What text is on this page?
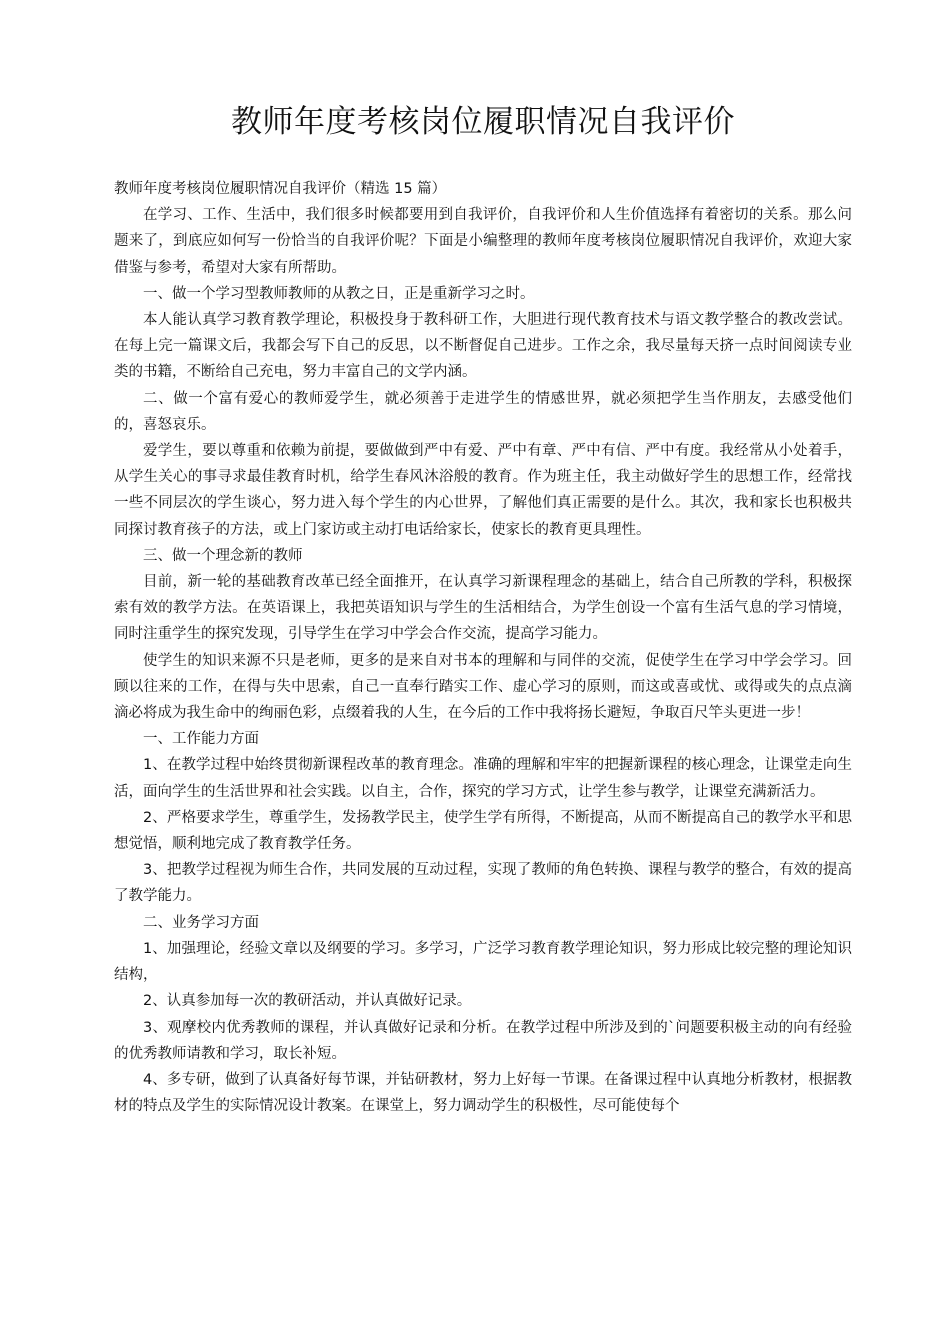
教师年度考核岗位履职情况自我评价
教师年度考核岗位履职情况自我评价（精选 15 篇）

在学习、工作、生活中，我们很多时候都要用到自我评价，自我评价和人生价值选择有着密切的关系。那么问题来了，到底应如何写一份恰当的自我评价呢？下面是小编整理的教师年度考核岗位履职情况自我评价，欢迎大家借鉴与参考，希望对大家有所帮助。

一、做一个学习型教师教师的从教之日，正是重新学习之时。

本人能认真学习教育教学理论，积极投身于教科研工作，大胆进行现代教育技术与语文教学整合的教改尝试。在每上完一篇课文后，我都会写下自己的反思，以不断督促自己进步。工作之余，我尽量每天挤一点时间阅读专业类的书籍，不断给自己充电，努力丰富自己的文学内涵。

二、做一个富有爱心的教师爱学生，就必须善于走进学生的情感世界，就必须把学生当作朋友，去感受他们的，喜怒哀乐。

爱学生，要以尊重和依赖为前提，要做做到严中有爱、严中有章、严中有信、严中有度。我经常从小处着手，从学生关心的事寻求最佳教育时机，给学生春风沐浴般的教育。作为班主任，我主动做好学生的思想工作，经常找一些不同层次的学生谈心，努力进入每个学生的内心世界，了解他们真正需要的是什么。其次，我和家长也积极共同探讨教育孩子的方法，或上门家访或主动打电话给家长，使家长的教育更具理性。

三、做一个理念新的教师

目前，新一轮的基础教育改革已经全面推开，在认真学习新课程理念的基础上，结合自己所教的学科，积极探索有效的教学方法。在英语课上，我把英语知识与学生的生活相结合，为学生创设一个富有生活气息的学习情境，同时注重学生的探究发现，引导学生在学习中学会合作交流，提高学习能力。

使学生的知识来源不只是老师，更多的是来自对书本的理解和与同伴的交流，促使学生在学习中学会学习。回顾以往来的工作，在得与失中思索，自己一直奉行踏实工作、虚心学习的原则，而这或喜或忧、或得或失的点点滴滴必将成为我生命中的绚丽色彩，点缀着我的人生，在今后的工作中我将扬长避短，争取百尺竿头更进一步！

一、工作能力方面

1、在教学过程中始终贯彻新课程改革的教育理念。准确的理解和牢牢的把握新课程的核心理念，让课堂走向生活，面向学生的生活世界和社会实践。以自主，合作，探究的学习方式，让学生参与教学，让课堂充满新活力。

2、严格要求学生，尊重学生，发扬教学民主，使学生学有所得，不断提高，从而不断提高自己的教学水平和思想觉悟，顺利地完成了教育教学任务。

3、把教学过程视为师生合作，共同发展的互动过程，实现了教师的角色转换、课程与教学的整合，有效的提高了教学能力。

二、业务学习方面

1、加强理论，经验文章以及纲要的学习。多学习，广泛学习教育教学理论知识，努力形成比较完整的理论知识结构，

2、认真参加每一次的教研活动，并认真做好记录。

3、观摩校内优秀教师的课程，并认真做好记录和分析。在教学过程中所涉及到的`问题要积极主动的向有经验的优秀教师请教和学习，取长补短。

4、多专研，做到了认真备好每节课，并钻研教材，努力上好每一节课。在备课过程中认真地分析教材，根据教材的特点及学生的实际情况设计教案。在课堂上，努力调动学生的积极性，尽可能使每个
